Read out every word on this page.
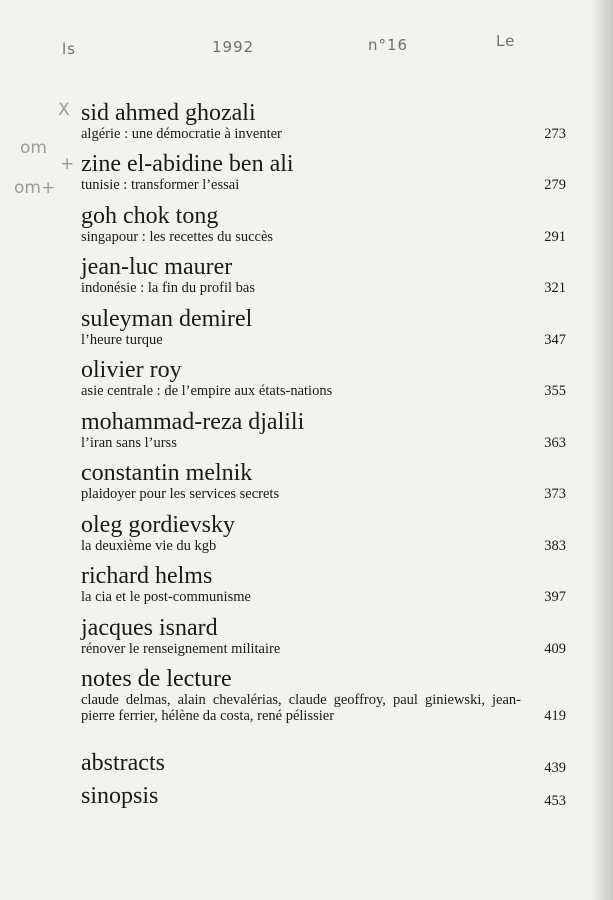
ls	1992	n°16	Le
X
om
+
om+
sid ahmed ghozali
algérie : une démocratie à inventer	273
zine el-abidine ben ali
tunisie : transformer l’essai	279
goh chok tong
singapour : les recettes du succès	291
jean-luc maurer
indonésie : la fin du profil bas	321
suleyman demirel
l’heure turque	347
olivier roy
asie centrale : de l’empire aux états-nations	355
mohammad-reza djalili
l’iran sans l’urss	363
constantin melnik
plaidoyer pour les services secrets	373
oleg gordievsky
la deuxième vie du kgb	383
richard helms
la cia et le post-communisme	397
jacques isnard
rénover le renseignement militaire	409
notes de lecture
claude delmas, alain chevalérias, claude geoffroy, paul giniewski, jean-pierre ferrier, hélène da costa, rené pélissier	419
abstracts	439
sinopsis	453
